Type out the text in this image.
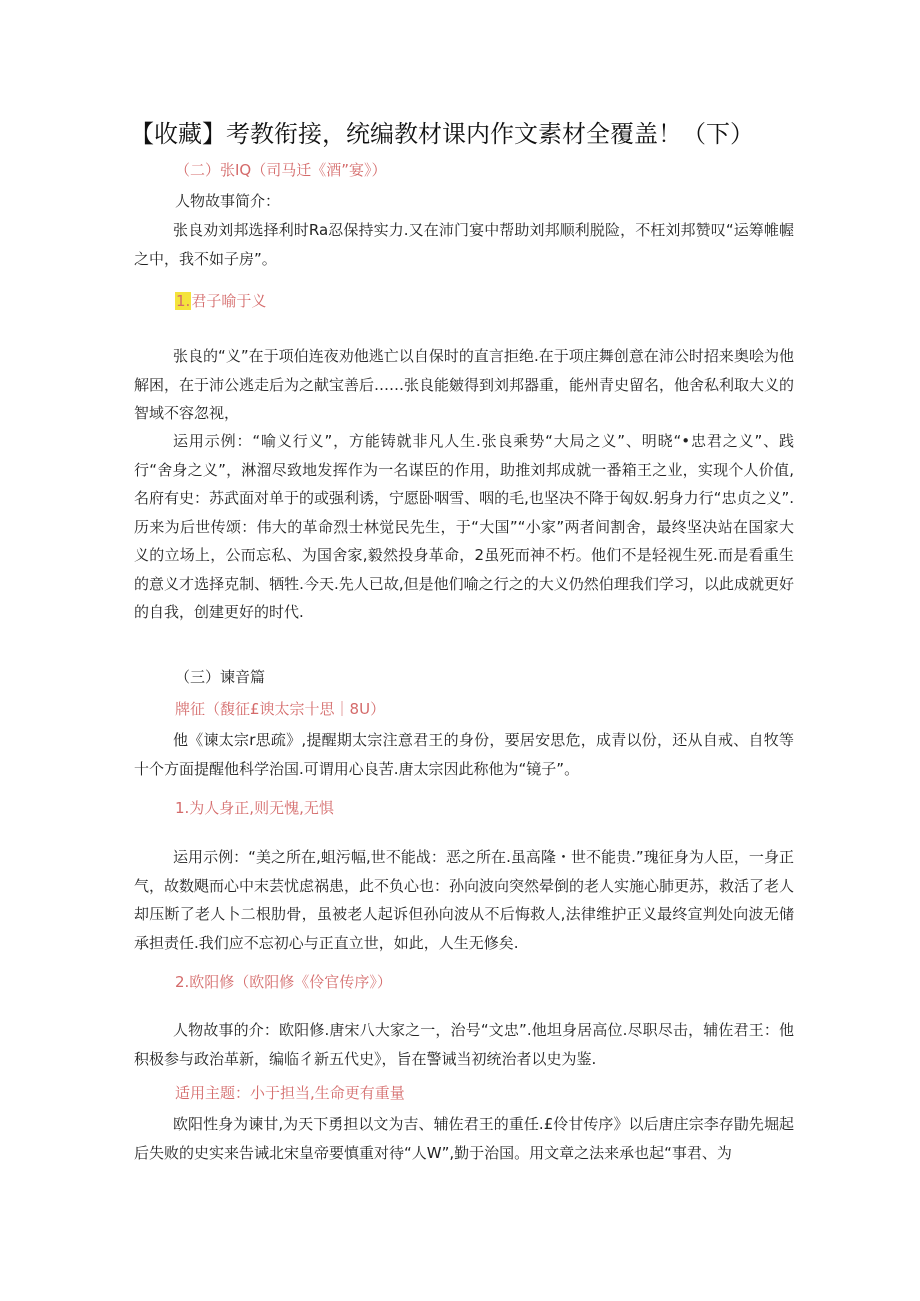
【收藏】考教衔接，统编教材课内作文素材全覆盖！（下）
（二）张IQ（司马迁《酒”宴》）
人物故事简介：
张良劝刘邦选择利时Ra忍保持实力.又在沛门宴中帮助刘邦顺利脱险，不枉刘邦赞叹“运筹帷幄之中，我不如子房”。
1.君子喻于义
张良的“义”在于项伯连夜劝他逃亡以自保时的直言拒绝.在于项庄舞创意在沛公时招来奥哙为他解困，在于沛公逃走后为之献宝善后……张良能皴得到刘邦器重，能州青史留名，他舍私利取大义的智域不容忽视，
运用示例：“喻义行义”，方能铸就非凡人生.张良乘势“大局之义”、明晓“•忠君之义”、践行“舍身之义”，淋溜尽致地发挥作为一名谋臣的作用，助推刘邦成就一番箱王之业，实现个人价值,名府有史：苏武面对单于的或强利诱，宁愿卧咽雪、咽的毛,也坚决不降于匈奴.躬身力行“忠贞之义”.历来为后世传颂：伟大的革命烈士林觉民先生，于“大国”“小家”两者间割舍，最终坚决站在国家大义的立场上，公而忘私、为国舍家,毅然投身革命，2虽死而神不朽。他们不是轻视生死.而是看重生的意义才选择克制、牺牲.今天.先人已故,但是他们喻之行之的大义仍然伯理我们学习，以此成就更好的自我，创建更好的时代.
（三）谏音篇
牌征（馥征£谀太宗十思｜8U）
他《谏太宗r思疏》,提醒期太宗注意君王的身份，要居安思危，成青以份，还从自戒、自牧等十个方面提醒他科学治国.可谓用心良苦.唐太宗因此称他为“镜子”。
1.为人身正,则无愧,无惧
运用示例：“美之所在,蛆污幅,世不能战：恶之所在.虽高隆・世不能贵.”瑰征身为人臣，一身正气，故数飓而心中末芸忧虑祸患，此不负心也：孙向波向突然晕倒的老人实施心肺更苏，救活了老人却压断了老人卜二根肋骨，虽被老人起诉但孙向波从不后悔救人,法律维护正义最终宣判处向波无储承担责任.我们应不忘初心与正直立世，如此，人生无修矣.
2.欧阳修（欧阳修《伶官传序》）
人物故事的介：欧阳修.唐宋八大家之一，治号“文忠”.他坦身居高位.尽职尽击，辅佐君王：他积极参与政治革新，编临彳新五代史》，旨在警诫当初统治者以史为鉴.
适用主题：小于担当,生命更有重量
欧阳性身为谏甘,为天下勇担以文为吉、辅佐君王的重任.£伶甘传序》以后唐庄宗李存勖先堀起后失败的史实来告诫北宋皇帝要慎重对待“人W”,勤于治国。用文章之法来承也起“事君、为
